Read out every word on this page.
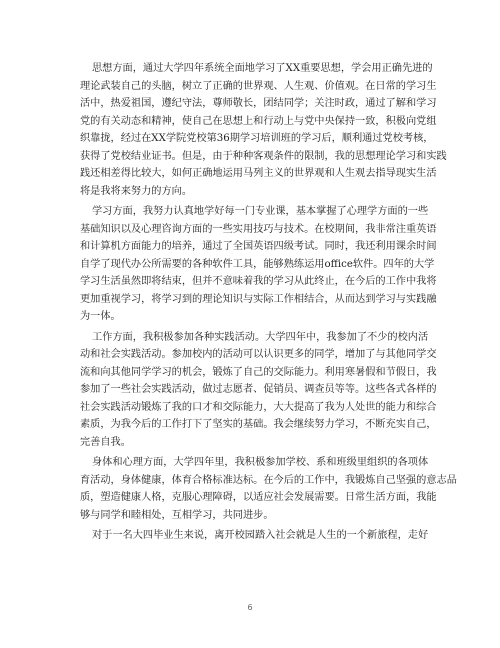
思想方面，通过大学四年系统全面地学习了XX重要思想，学会用正确先进的
理论武装自己的头脑，树立了正确的世界观、人生观、价值观。在日常的学习生
活中，热爱祖国，遵纪守法，尊师敬长，团结同学；关注时政，通过了解和学习
党的有关动态和精神，使自己在思想上和行动上与党中央保持一致，积极向党组
织靠拢，经过在XX学院党校第36期学习培训班的学习后，顺利通过党校考核，
获得了党校结业证书。但是，由于种种客观条件的限制，我的思想理论学习和实践
践还相差得比较大，如何正确地运用马列主义的世界观和人生观去指导现实生活
将是我将来努力的方向。
学习方面，我努力认真地学好每一门专业课，基本掌握了心理学方面的一些
基础知识以及心理咨询方面的一些实用技巧与技术。在校期间，我非常注重英语
和计算机方面能力的培养，通过了全国英语四级考试。同时，我还利用课余时间
自学了现代办公所需要的各种软件工具，能够熟练运用office软件。四年的大学
学习生活虽然即将结束，但并不意味着我的学习从此终止，在今后的工作中我将
更加重视学习，将学习到的理论知识与实际工作相结合，从而达到学习与实践融
为一体。
工作方面，我积极参加各种实践活动。大学四年中，我参加了不少的校内活
动和社会实践活动。参加校内的活动可以认识更多的同学，增加了与其他同学交
流和向其他同学学习的机会，锻炼了自己的交际能力。利用寒暑假和节假日，我
参加了一些社会实践活动，做过志愿者、促销员、调查员等等。这些各式各样的
社会实践活动锻炼了我的口才和交际能力，大大提高了我为人处世的能力和综合
素质，为我今后的工作打下了坚实的基础。我会继续努力学习，不断充实自己，
完善自我。
身体和心理方面，大学四年里，我积极参加学校、系和班级里组织的各项体
育活动，身体健康，体育合格标准达标。在今后的工作中，我锻炼自己坚强的意志品
质，塑造健康人格，克服心理障碍，以适应社会发展需要。日常生活方面，我能
够与同学和睦相处，互相学习，共同进步。
对于一名大四毕业生来说，离开校园踏入社会就是人生的一个新旅程，走好
6
